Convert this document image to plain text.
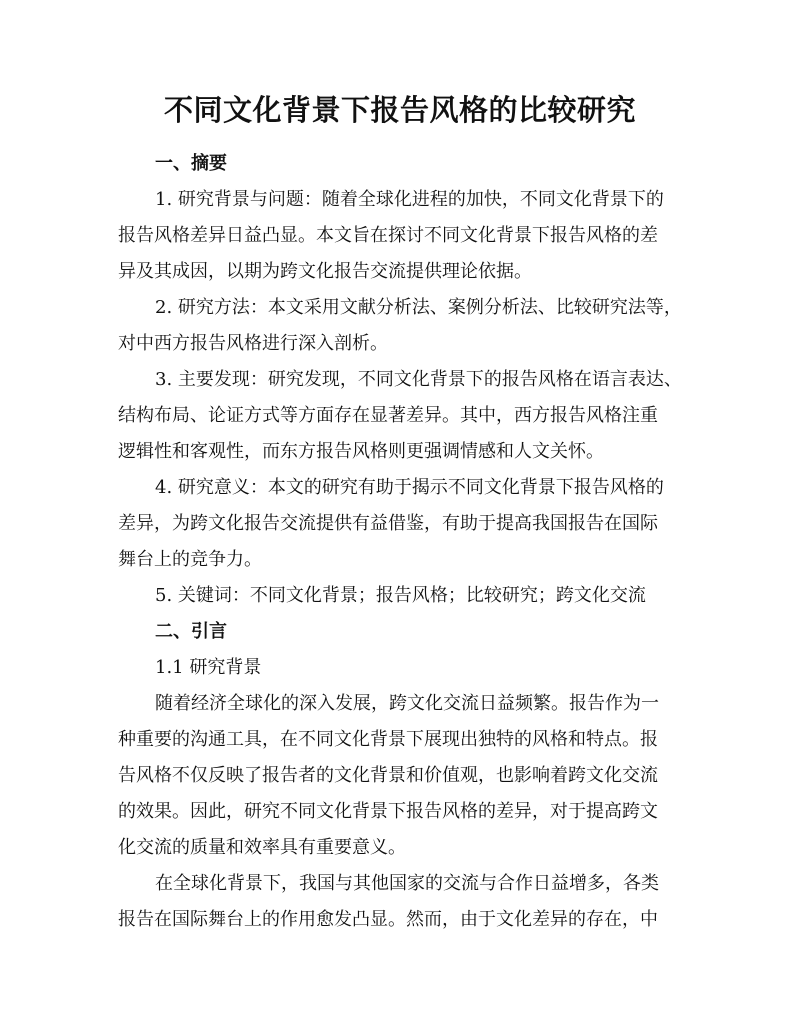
不同文化背景下报告风格的比较研究
一、摘要
1. 研究背景与问题：随着全球化进程的加快，不同文化背景下的
报告风格差异日益凸显。本文旨在探讨不同文化背景下报告风格的差
异及其成因，以期为跨文化报告交流提供理论依据。
2. 研究方法：本文采用文献分析法、案例分析法、比较研究法等，
对中西方报告风格进行深入剖析。
3. 主要发现：研究发现，不同文化背景下的报告风格在语言表达、
结构布局、论证方式等方面存在显著差异。其中，西方报告风格注重
逻辑性和客观性，而东方报告风格则更强调情感和人文关怀。
4. 研究意义：本文的研究有助于揭示不同文化背景下报告风格的
差异，为跨文化报告交流提供有益借鉴，有助于提高我国报告在国际
舞台上的竞争力。
5. 关键词：不同文化背景；报告风格；比较研究；跨文化交流
二、引言
1.1 研究背景
随着经济全球化的深入发展，跨文化交流日益频繁。报告作为一
种重要的沟通工具，在不同文化背景下展现出独特的风格和特点。报
告风格不仅反映了报告者的文化背景和价值观，也影响着跨文化交流
的效果。因此，研究不同文化背景下报告风格的差异，对于提高跨文
化交流的质量和效率具有重要意义。
在全球化背景下，我国与其他国家的交流与合作日益增多，各类
报告在国际舞台上的作用愈发凸显。然而，由于文化差异的存在，中
